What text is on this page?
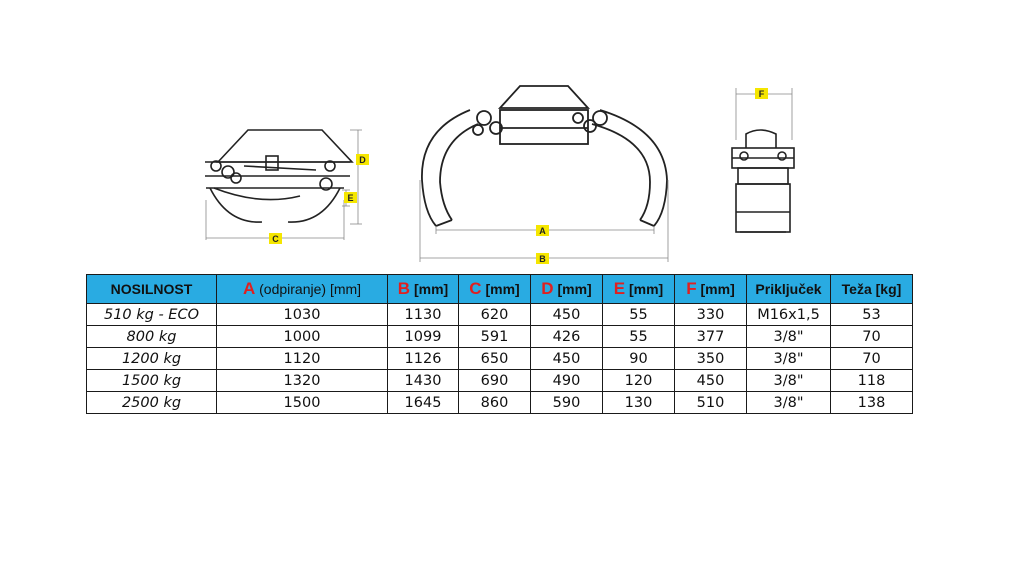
D
E
C
A
B
F
NOSILNOST	A (odpiranje) [mm]	B [mm]	C [mm]	D [mm]	E [mm]	F [mm]	Priključek	Teža [kg]
510 kg - ECO	1030	1130	620	450	55	330	M16x1,5	53
800 kg	1000	1099	591	426	55	377	3/8"	70
1200 kg	1120	1126	650	450	90	350	3/8"	70
1500 kg	1320	1430	690	490	120	450	3/8"	118
2500 kg	1500	1645	860	590	130	510	3/8"	138
